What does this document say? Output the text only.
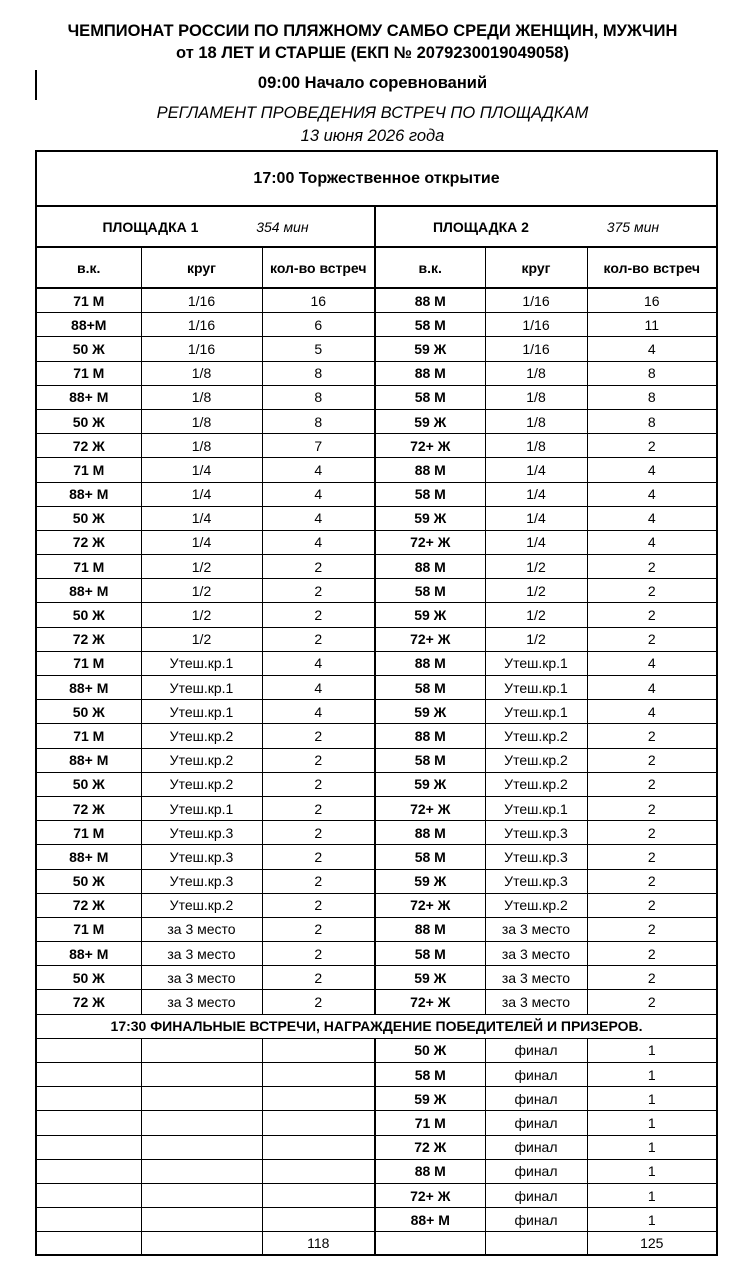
ЧЕМПИОНАТ РОССИИ ПО ПЛЯЖНОМУ САМБО СРЕДИ ЖЕНЩИН, МУЖЧИН
от 18 ЛЕТ И СТАРШЕ (ЕКП № 2079230019049058)
09:00 Начало соревнований
РЕГЛАМЕНТ ПРОВЕДЕНИЯ ВСТРЕЧ ПО ПЛОЩАДКАМ
13 июня 2026 года
17:00 Торжественное открытие					
ПЛОЩАДКА 1 354 мин			ПЛОЩАДКА 2 375 мин		
в.к.	круг	кол-во встреч	в.к.	круг	кол-во встреч
71 М	1/16	16	88 М	1/16	16
88+М	1/16	6	58 М	1/16	11
50 Ж	1/16	5	59 Ж	1/16	4
71 М	1/8	8	88 М	1/8	8
88+ М	1/8	8	58 М	1/8	8
50 Ж	1/8	8	59 Ж	1/8	8
72 Ж	1/8	7	72+ Ж	1/8	2
71 М	1/4	4	88 М	1/4	4
88+ М	1/4	4	58 М	1/4	4
50 Ж	1/4	4	59 Ж	1/4	4
72 Ж	1/4	4	72+ Ж	1/4	4
71 М	1/2	2	88 М	1/2	2
88+ М	1/2	2	58 М	1/2	2
50 Ж	1/2	2	59 Ж	1/2	2
72 Ж	1/2	2	72+ Ж	1/2	2
71 М	Утеш.кр.1	4	88 М	Утеш.кр.1	4
88+ М	Утеш.кр.1	4	58 М	Утеш.кр.1	4
50 Ж	Утеш.кр.1	4	59 Ж	Утеш.кр.1	4
71 М	Утеш.кр.2	2	88 М	Утеш.кр.2	2
88+ М	Утеш.кр.2	2	58 М	Утеш.кр.2	2
50 Ж	Утеш.кр.2	2	59 Ж	Утеш.кр.2	2
72 Ж	Утеш.кр.1	2	72+ Ж	Утеш.кр.1	2
71 М	Утеш.кр.3	2	88 М	Утеш.кр.3	2
88+ М	Утеш.кр.3	2	58 М	Утеш.кр.3	2
50 Ж	Утеш.кр.3	2	59 Ж	Утеш.кр.3	2
72 Ж	Утеш.кр.2	2	72+ Ж	Утеш.кр.2	2
71 М	за 3 место	2	88 М	за 3 место	2
88+ М	за 3 место	2	58 М	за 3 место	2
50 Ж	за 3 место	2	59 Ж	за 3 место	2
72 Ж	за 3 место	2	72+ Ж	за 3 место	2
17:30 ФИНАЛЬНЫЕ ВСТРЕЧИ, НАГРАЖДЕНИЕ ПОБЕДИТЕЛЕЙ И ПРИЗЕРОВ.					
			50 Ж	финал	1
			58 М	финал	1
			59 Ж	финал	1
			71 М	финал	1
			72 Ж	финал	1
			88 М	финал	1
			72+ Ж	финал	1
			88+ М	финал	1
		118			125
